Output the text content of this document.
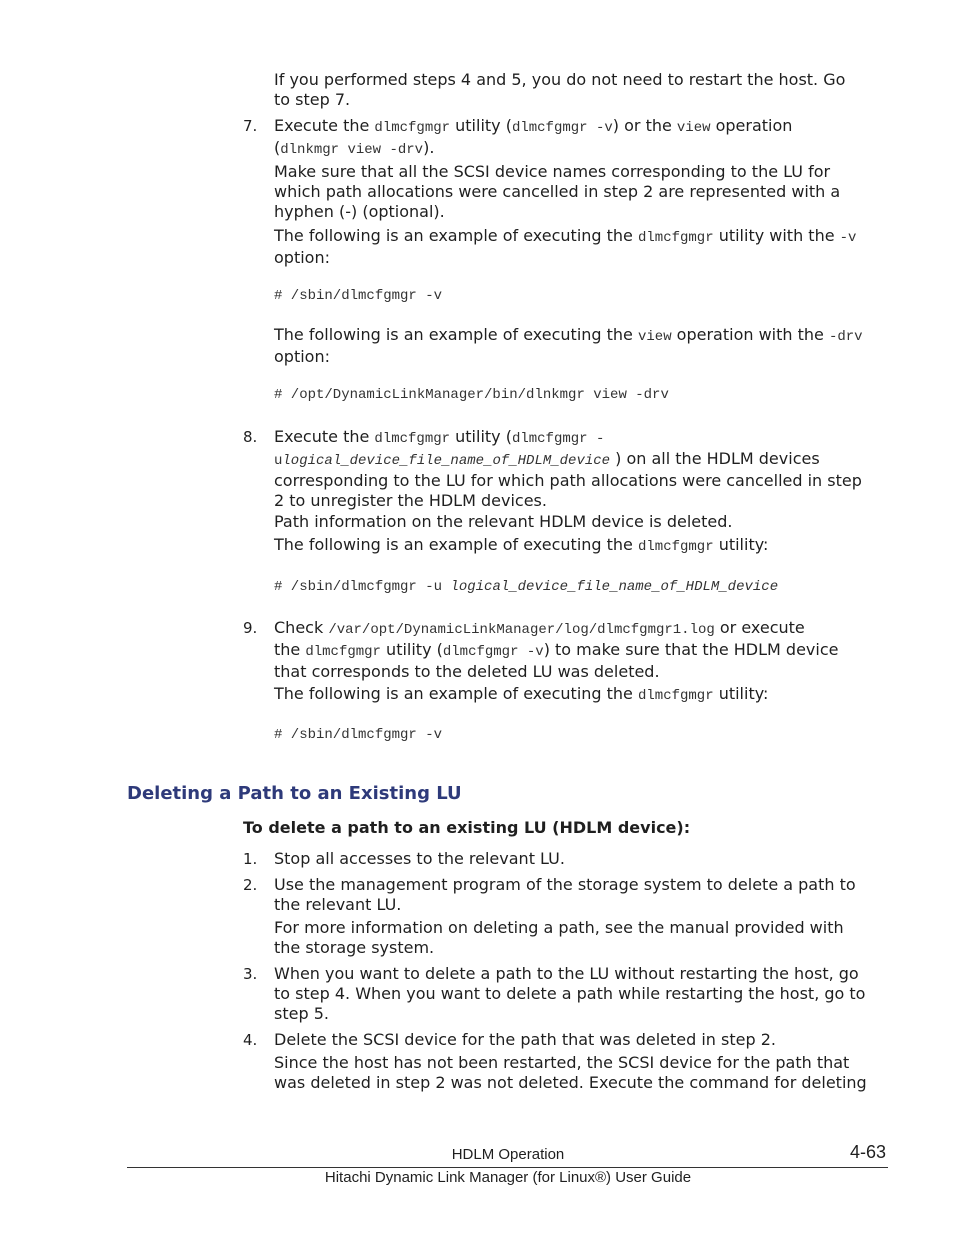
If you performed steps 4 and 5, you do not need to restart the host. Go
to step 7.
7.	Execute the dlmcfgmgr utility (dlmcfgmgr -v) or the view operation
(dlnkmgr view -drv).
Make sure that all the SCSI device names corresponding to the LU for
which path allocations were cancelled in step 2 are represented with a
hyphen (-) (optional).
The following is an example of executing the dlmcfgmgr utility with the -v
option:
# /sbin/dlmcfgmgr -v
The following is an example of executing the view operation with the -drv
option:
# /opt/DynamicLinkManager/bin/dlnkmgr view -drv
8.	Execute the dlmcfgmgr utility (dlmcfgmgr -
ulogical_device_file_name_of_HDLM_device ) on all the HDLM devices
corresponding to the LU for which path allocations were cancelled in step
2 to unregister the HDLM devices.
Path information on the relevant HDLM device is deleted.
The following is an example of executing the dlmcfgmgr utility:
# /sbin/dlmcfgmgr -u logical_device_file_name_of_HDLM_device
9.	Check /var/opt/DynamicLinkManager/log/dlmcfgmgr1.log or execute
the dlmcfgmgr utility (dlmcfgmgr -v) to make sure that the HDLM device
that corresponds to the deleted LU was deleted.
The following is an example of executing the dlmcfgmgr utility:
# /sbin/dlmcfgmgr -v
Deleting a Path to an Existing LU
To delete a path to an existing LU (HDLM device):
1.	Stop all accesses to the relevant LU.
2.	Use the management program of the storage system to delete a path to
the relevant LU.
For more information on deleting a path, see the manual provided with
the storage system.
3.	When you want to delete a path to the LU without restarting the host, go
to step 4. When you want to delete a path while restarting the host, go to
step 5.
4.	Delete the SCSI device for the path that was deleted in step 2.
Since the host has not been restarted, the SCSI device for the path that
was deleted in step 2 was not deleted. Execute the command for deleting
HDLM Operation	4-63
Hitachi Dynamic Link Manager (for Linux®) User Guide
